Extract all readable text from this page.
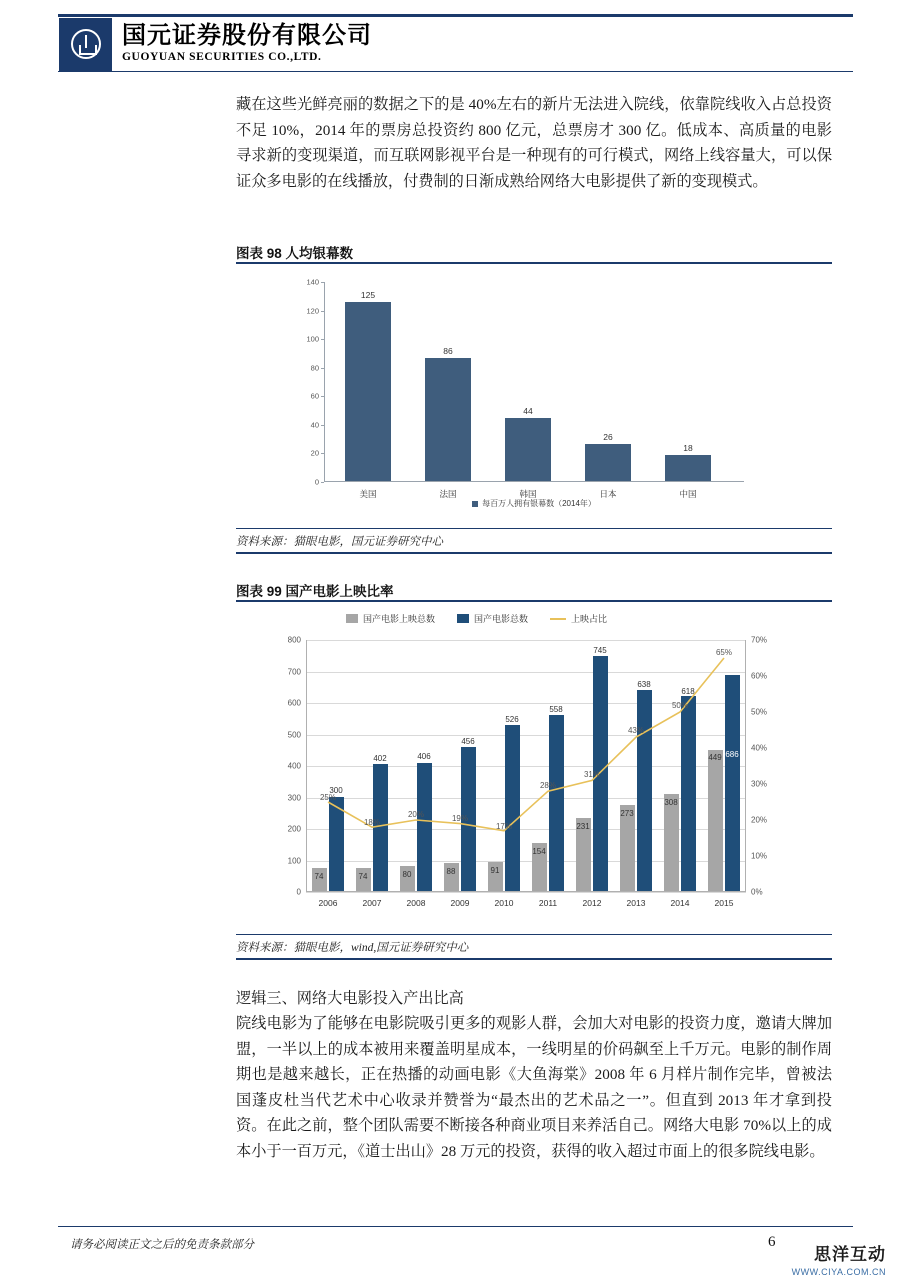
国元证券股份有限公司
GUOYUAN SECURITIES CO.,LTD.
藏在这些光鲜亮丽的数据之下的是 40%左右的新片无法进入院线，依靠院线收入占总投资不足 10%，2014 年的票房总投资约 800 亿元，总票房才 300 亿。低成本、高质量的电影寻求新的变现渠道，而互联网影视平台是一种现有的可行模式，网络上线容量大，可以保证众多电影的在线播放，付费制的日渐成熟给网络大电影提供了新的变现模式。
图表 98 人均银幕数
0
20
40
60
80
100
120
140
125
86
44
26
18
美国	法国	韩国	日本	中国
每百万人拥有银幕数（2014年）
资料来源：猫眼电影，国元证券研究中心
图表 99 国产电影上映比率
国产电影上映总数	国产电影总数	上映占比
0
100
200
300
400
500
600
700
800
0%
10%
20%
30%
40%
50%
60%
70%
74	74	80	88	91
154
231
273
308
449
300
402	406
456
526
558
745
638
618
686
25%
18%
20%	19%
17%
28%
31%
43%
50%
65%
2006	2007	2008	2009	2010	2011	2012	2013	2014	2015
资料来源：猫眼电影，wind,国元证券研究中心
逻辑三、网络大电影投入产出比高
院线电影为了能够在电影院吸引更多的观影人群，会加大对电影的投资力度，邀请大牌加盟，一半以上的成本被用来覆盖明星成本，一线明星的价码飙至上千万元。电影的制作周期也是越来越长，正在热播的动画电影《大鱼海棠》2008 年 6 月样片制作完毕，曾被法国蓬皮杜当代艺术中心收录并赞誉为“最杰出的艺术品之一”。但直到 2013 年才拿到投资。在此之前，整个团队需要不断接各种商业项目来养活自己。网络大电影 70%以上的成本小于一百万元，《道士出山》28 万元的投资，获得的收入超过市面上的很多院线电影。
请务必阅读正文之后的免责条款部分	6
思洋互动
WWW.CIYA.COM.CN
